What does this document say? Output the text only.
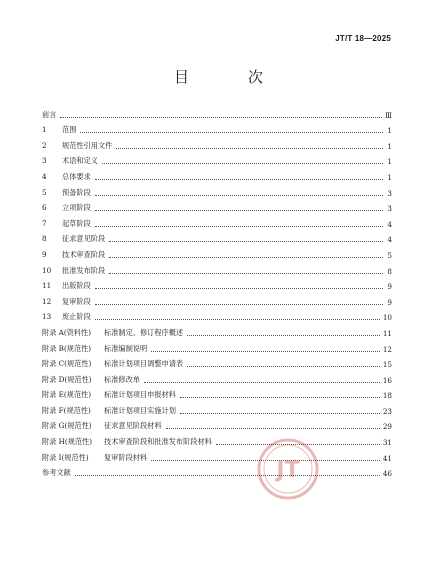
JT/T 18—2025
目　次
前言	Ⅲ
1 范围	1
2 规范性引用文件	1
3 术语和定义	1
4 总体要求	1
5 预备阶段	3
6 立项阶段	3
7 起草阶段	4
8 征求意见阶段	4
9 技术审查阶段	5
10 批准发布阶段	8
11 出版阶段	9
12 复审阶段	9
13 废止阶段	10
附录 A(资料性) 标准制定、修订程序概述	11
附录 B(规范性) 标准编制说明	12
附录 C(规范性) 标准计划项目调整申请表	15
附录 D(规范性) 标准修改单	16
附录 E(规范性) 标准计划项目申报材料	18
附录 F(规范性) 标准计划项目实施计划	23
附录 G(规范性) 征求意见阶段材料	29
附录 H(规范性) 技术审查阶段和批准发布阶段材料	31
附录 I(规范性) 复审阶段材料	41
参考文献	46
JT
